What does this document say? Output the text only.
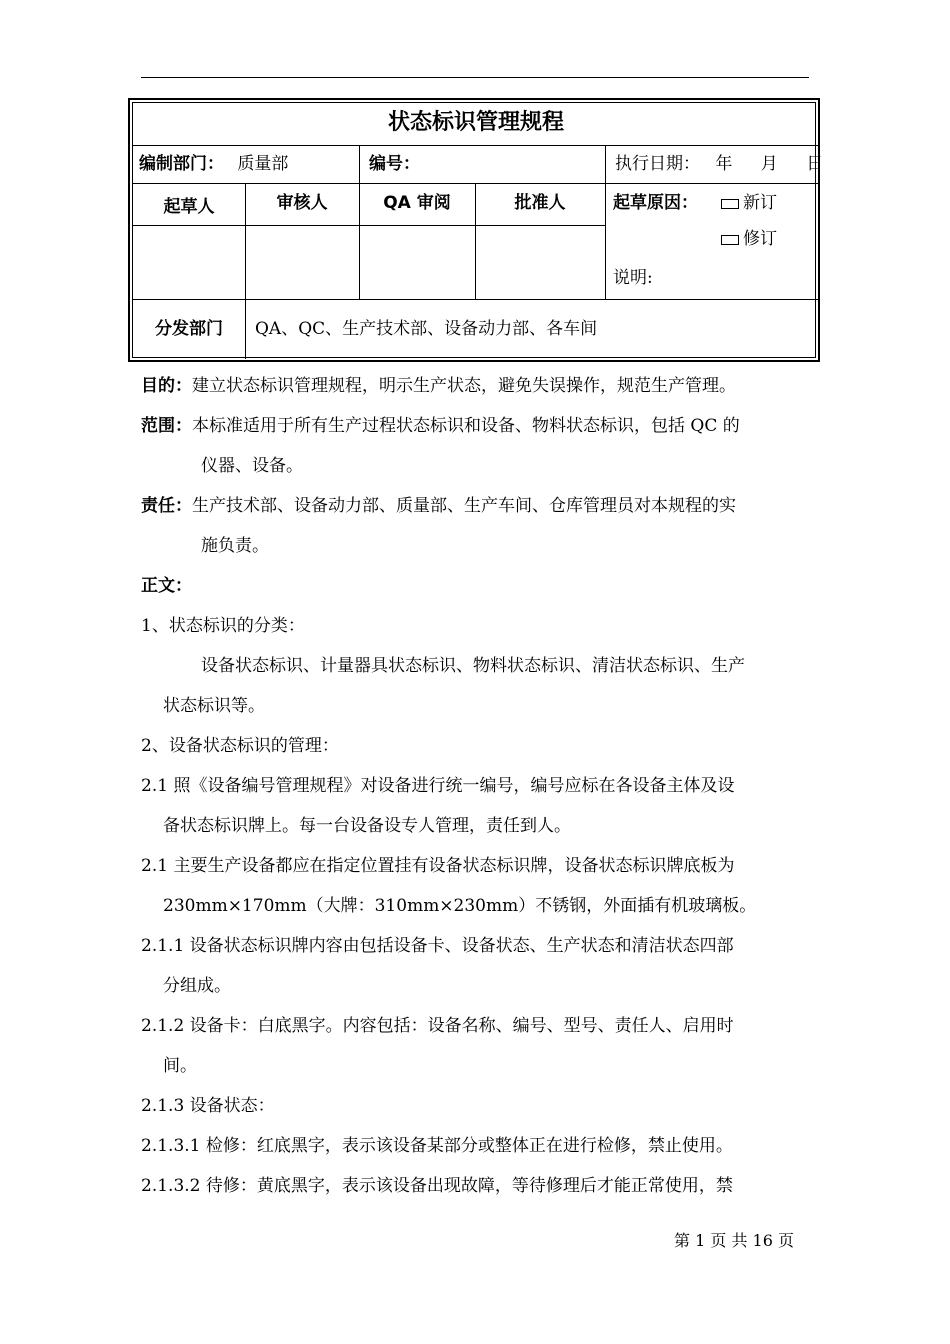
状态标识管理规程
编制部门： 质量部	编号：	执行日期： 年　 月　 日
起草人	审核人	QA 审阅	批准人	起草原因：	新订
修订
说明:
分发部门	QA、QC、生产技术部、设备动力部、各车间
目的：建立状态标识管理规程，明示生产状态，避免失误操作，规范生产管理。
范围：本标准适用于所有生产过程状态标识和设备、物料状态标识，包括 QC 的
仪器、设备。
责任：生产技术部、设备动力部、质量部、生产车间、仓库管理员对本规程的实
施负责。
正文：
1、状态标识的分类：
设备状态标识、计量器具状态标识、物料状态标识、清洁状态标识、生产
状态标识等。
2、设备状态标识的管理：
2.1 照《设备编号管理规程》对设备进行统一编号，编号应标在各设备主体及设
备状态标识牌上。每一台设备设专人管理，责任到人。
2.1 主要生产设备都应在指定位置挂有设备状态标识牌，设备状态标识牌底板为
230mm×170mm（大牌：310mm×230mm）不锈钢，外面插有机玻璃板。
2.1.1 设备状态标识牌内容由包括设备卡、设备状态、生产状态和清洁状态四部
分组成。
2.1.2 设备卡：白底黑字。内容包括：设备名称、编号、型号、责任人、启用时
间。
2.1.3 设备状态：
2.1.3.1 检修：红底黑字，表示该设备某部分或整体正在进行检修，禁止使用。
2.1.3.2 待修：黄底黑字，表示该设备出现故障，等待修理后才能正常使用，禁
第 1 页 共 16 页
